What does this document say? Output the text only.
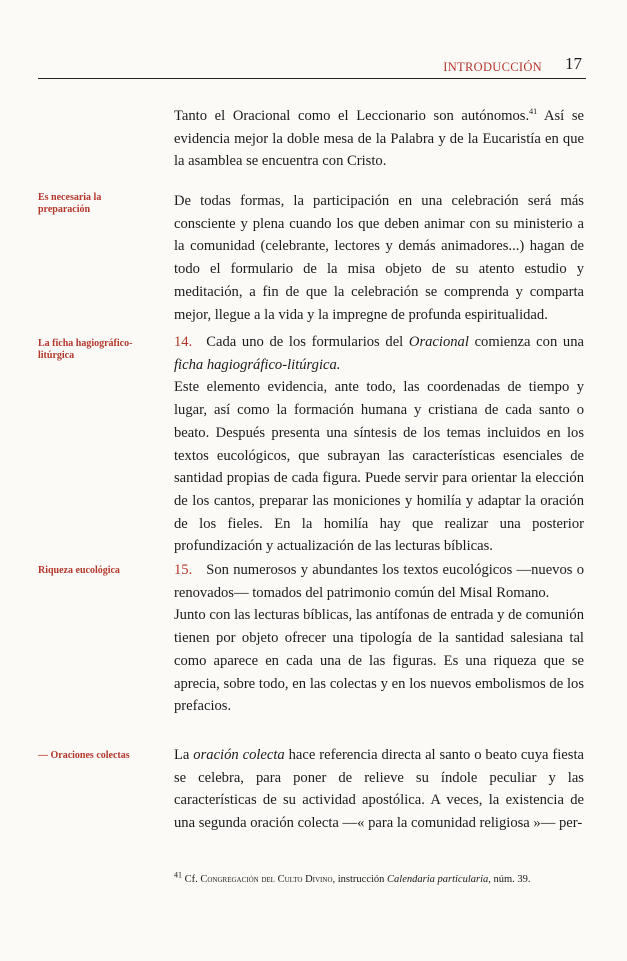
INTRODUCCIÓN 17
Es necesaria la preparación
La ficha hagiográfico-litúrgica
Riqueza eucológica
— Oraciones colectas

Tanto el Oracional como el Leccionario son autónomos.$^{41}$ Así se evidencia mejor la doble mesa de la Palabra y de la Eucaristía en que la asamblea se encuentra con Cristo.

De todas formas, la participación en una celebración será más consciente y plena cuando los que deben animar con su ministerio a la comunidad (celebrante, lectores y demás animadores...) hagan de todo el formulario de la misa objeto de su atento estudio y meditación, a fin de que la celebración se comprenda y comparta mejor, llegue a la vida y la impregne de profunda espiritualidad.

14. Cada uno de los formularios del Oracional comienza con una ficha hagiográfico-litúrgica.
Este elemento evidencia, ante todo, las coordenadas de tiempo y lugar, así como la formación humana y cristiana de cada santo o beato. Después presenta una síntesis de los temas incluidos en los textos eucológicos, que subrayan las características esenciales de santidad propias de cada figura. Puede servir para orientar la elección de los cantos, preparar las moniciones y homilía y adaptar la oración de los fieles. En la homilía hay que realizar una posterior profundización y actualización de las lecturas bíblicas.

15. Son numerosos y abundantes los textos eucológicos —nuevos o renovados— tomados del patrimonio común del Misal Romano.
Junto con las lecturas bíblicas, las antífonas de entrada y de comunión tienen por objeto ofrecer una tipología de la santidad salesiana tal como aparece en cada una de las figuras. Es una riqueza que se aprecia, sobre todo, en las colectas y en los nuevos embolismos de los prefacios.

La oración colecta hace referencia directa al santo o beato cuya fiesta se celebra, para poner de relieve su índole peculiar y las características de su actividad apostólica. A veces, la existencia de una segunda oración colecta —« para la comunidad religiosa »— per-

$^{41}$ Cf. Congregación del Culto Divino, instrucción Calendaria particularia, núm. 39.
